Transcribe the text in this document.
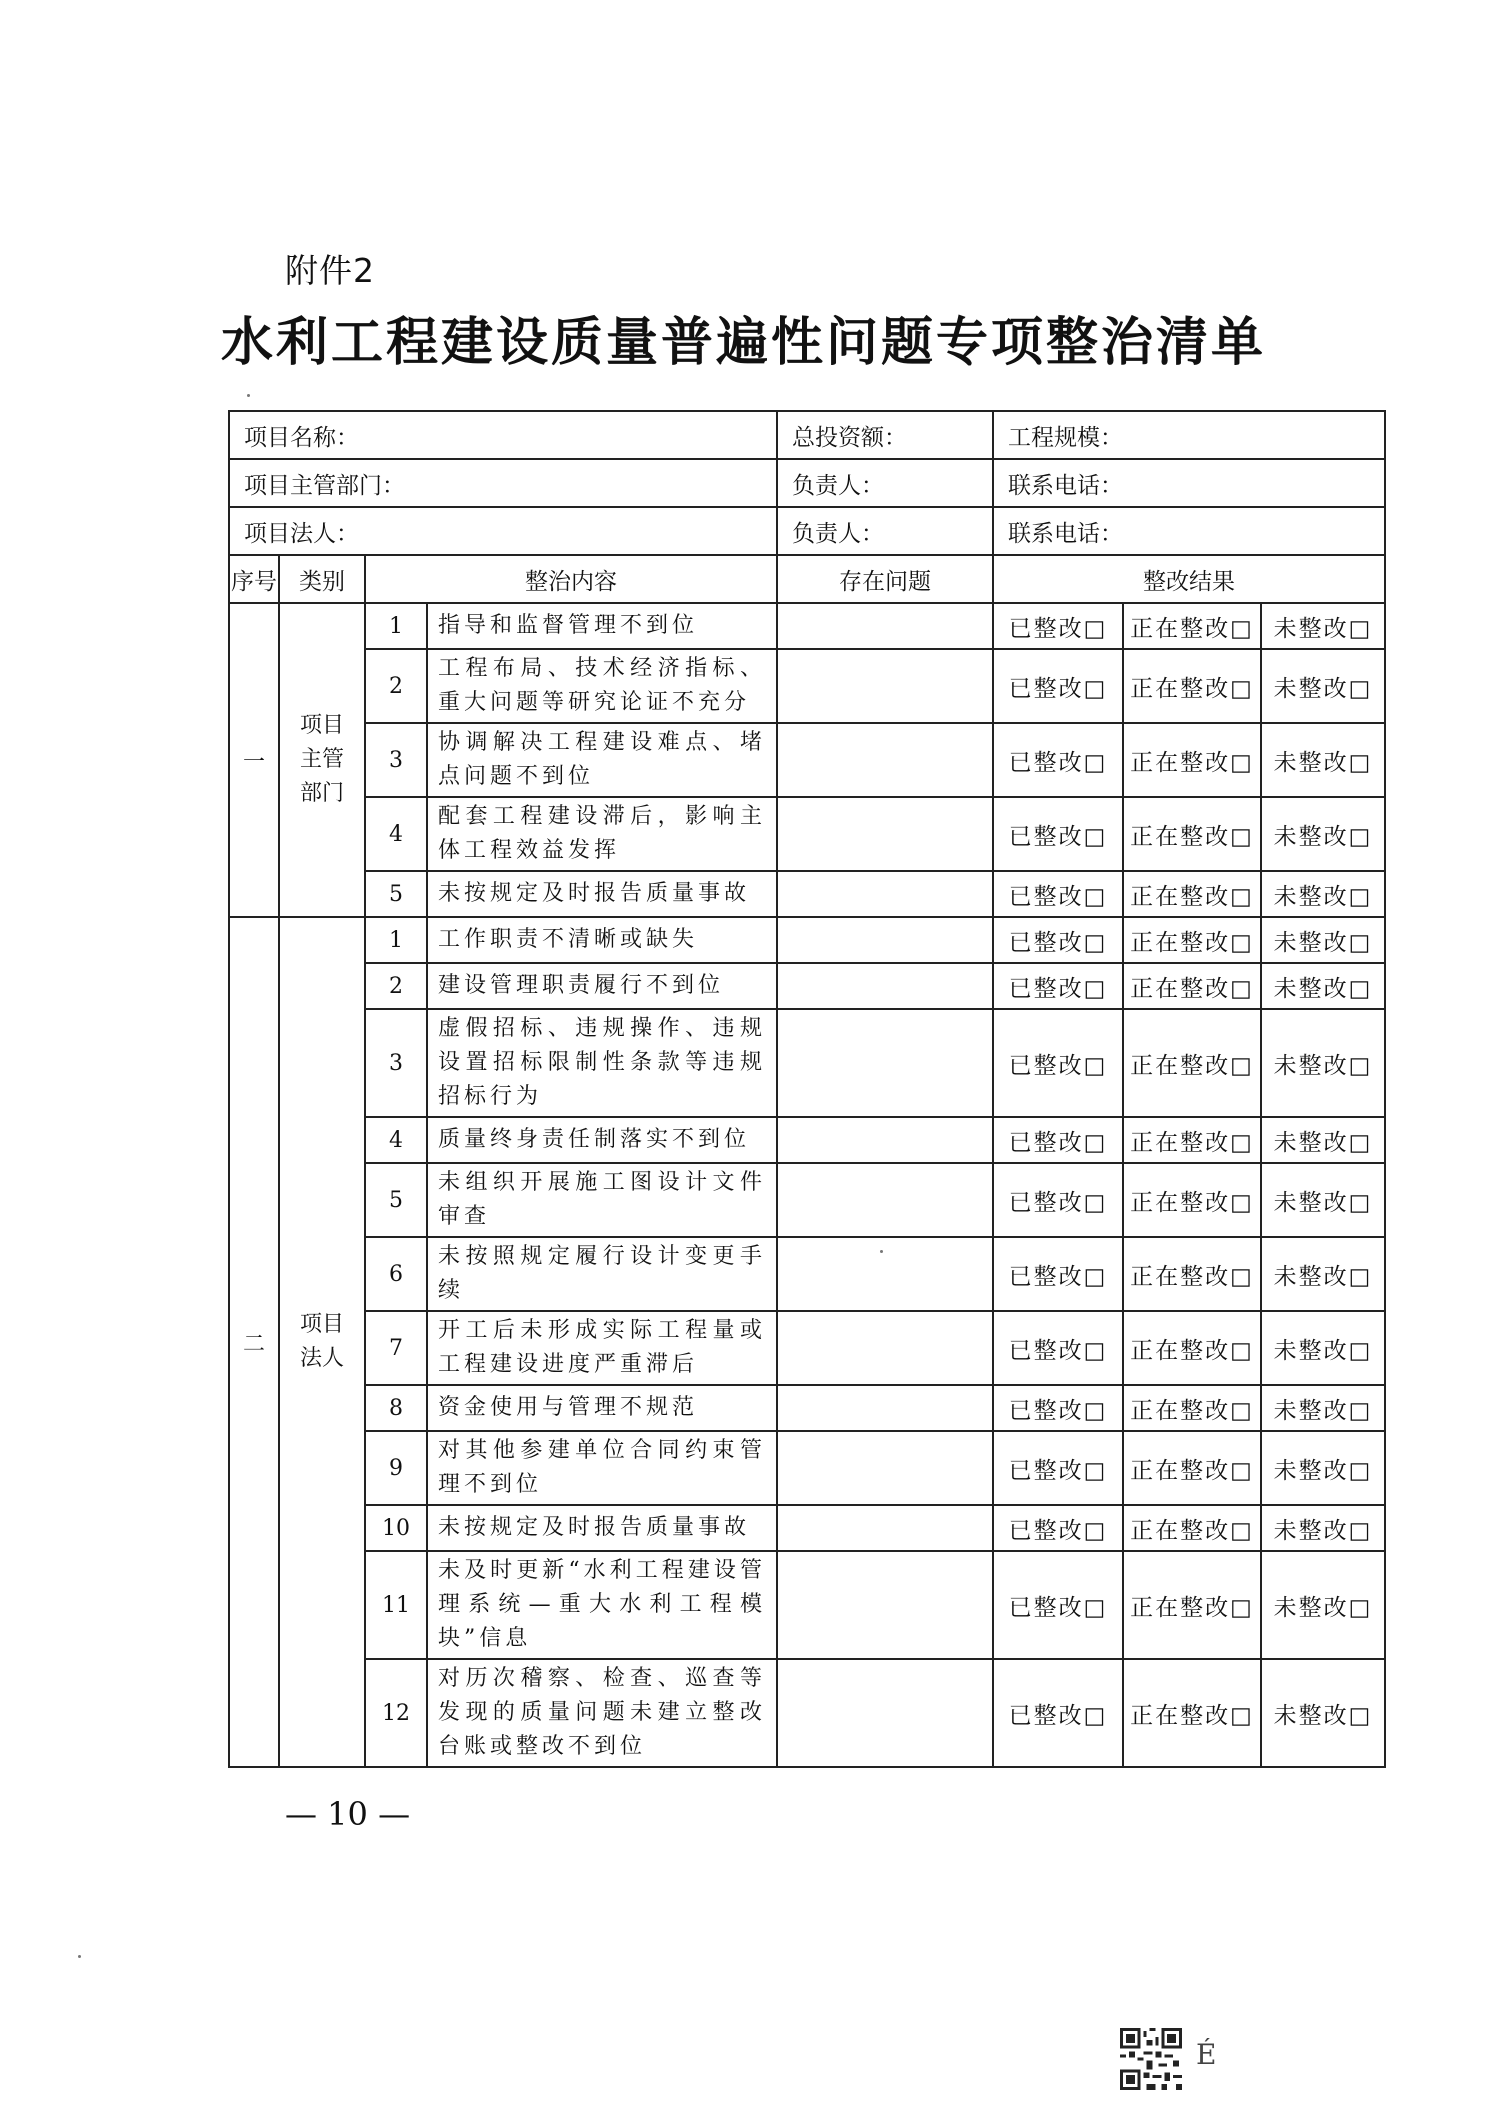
附件2
水利工程建设质量普遍性问题专项整治清单
项目名称：				总投资额：	工程规模：		
项目主管部门：				负责人：	联系电话：		
项目法人：				负责人：	联系电话：		
序号	类别	整治内容		存在问题	整改结果		
一	项目主管部门	1	指导和监督管理不到位		已整改□	正在整改□	未整改□
		2	工程布局、技术经济指标、重大问题等研究论证不充分		已整改□	正在整改□	未整改□
		3	协调解决工程建设难点、堵点问题不到位		已整改□	正在整改□	未整改□
		4	配套工程建设滞后，影响主体工程效益发挥		已整改□	正在整改□	未整改□
		5	未按规定及时报告质量事故		已整改□	正在整改□	未整改□
二	项目法人	1	工作职责不清晰或缺失		已整改□	正在整改□	未整改□
		2	建设管理职责履行不到位		已整改□	正在整改□	未整改□
		3	虚假招标、违规操作、违规设置招标限制性条款等违规招标行为		已整改□	正在整改□	未整改□
		4	质量终身责任制落实不到位		已整改□	正在整改□	未整改□
		5	未组织开展施工图设计文件审查		已整改□	正在整改□	未整改□
		6	未按照规定履行设计变更手续		已整改□	正在整改□	未整改□
		7	开工后未形成实际工程量或工程建设进度严重滞后		已整改□	正在整改□	未整改□
		8	资金使用与管理不规范		已整改□	正在整改□	未整改□
		9	对其他参建单位合同约束管理不到位		已整改□	正在整改□	未整改□
		10	未按规定及时报告质量事故		已整改□	正在整改□	未整改□
		11	未及时更新“水利工程建设管理系统—重大水利工程模块”信息		已整改□	正在整改□	未整改□
		12	对历次稽察、检查、巡查等发现的质量问题未建立整改台账或整改不到位		已整改□	正在整改□	未整改□
— 10 —
É
